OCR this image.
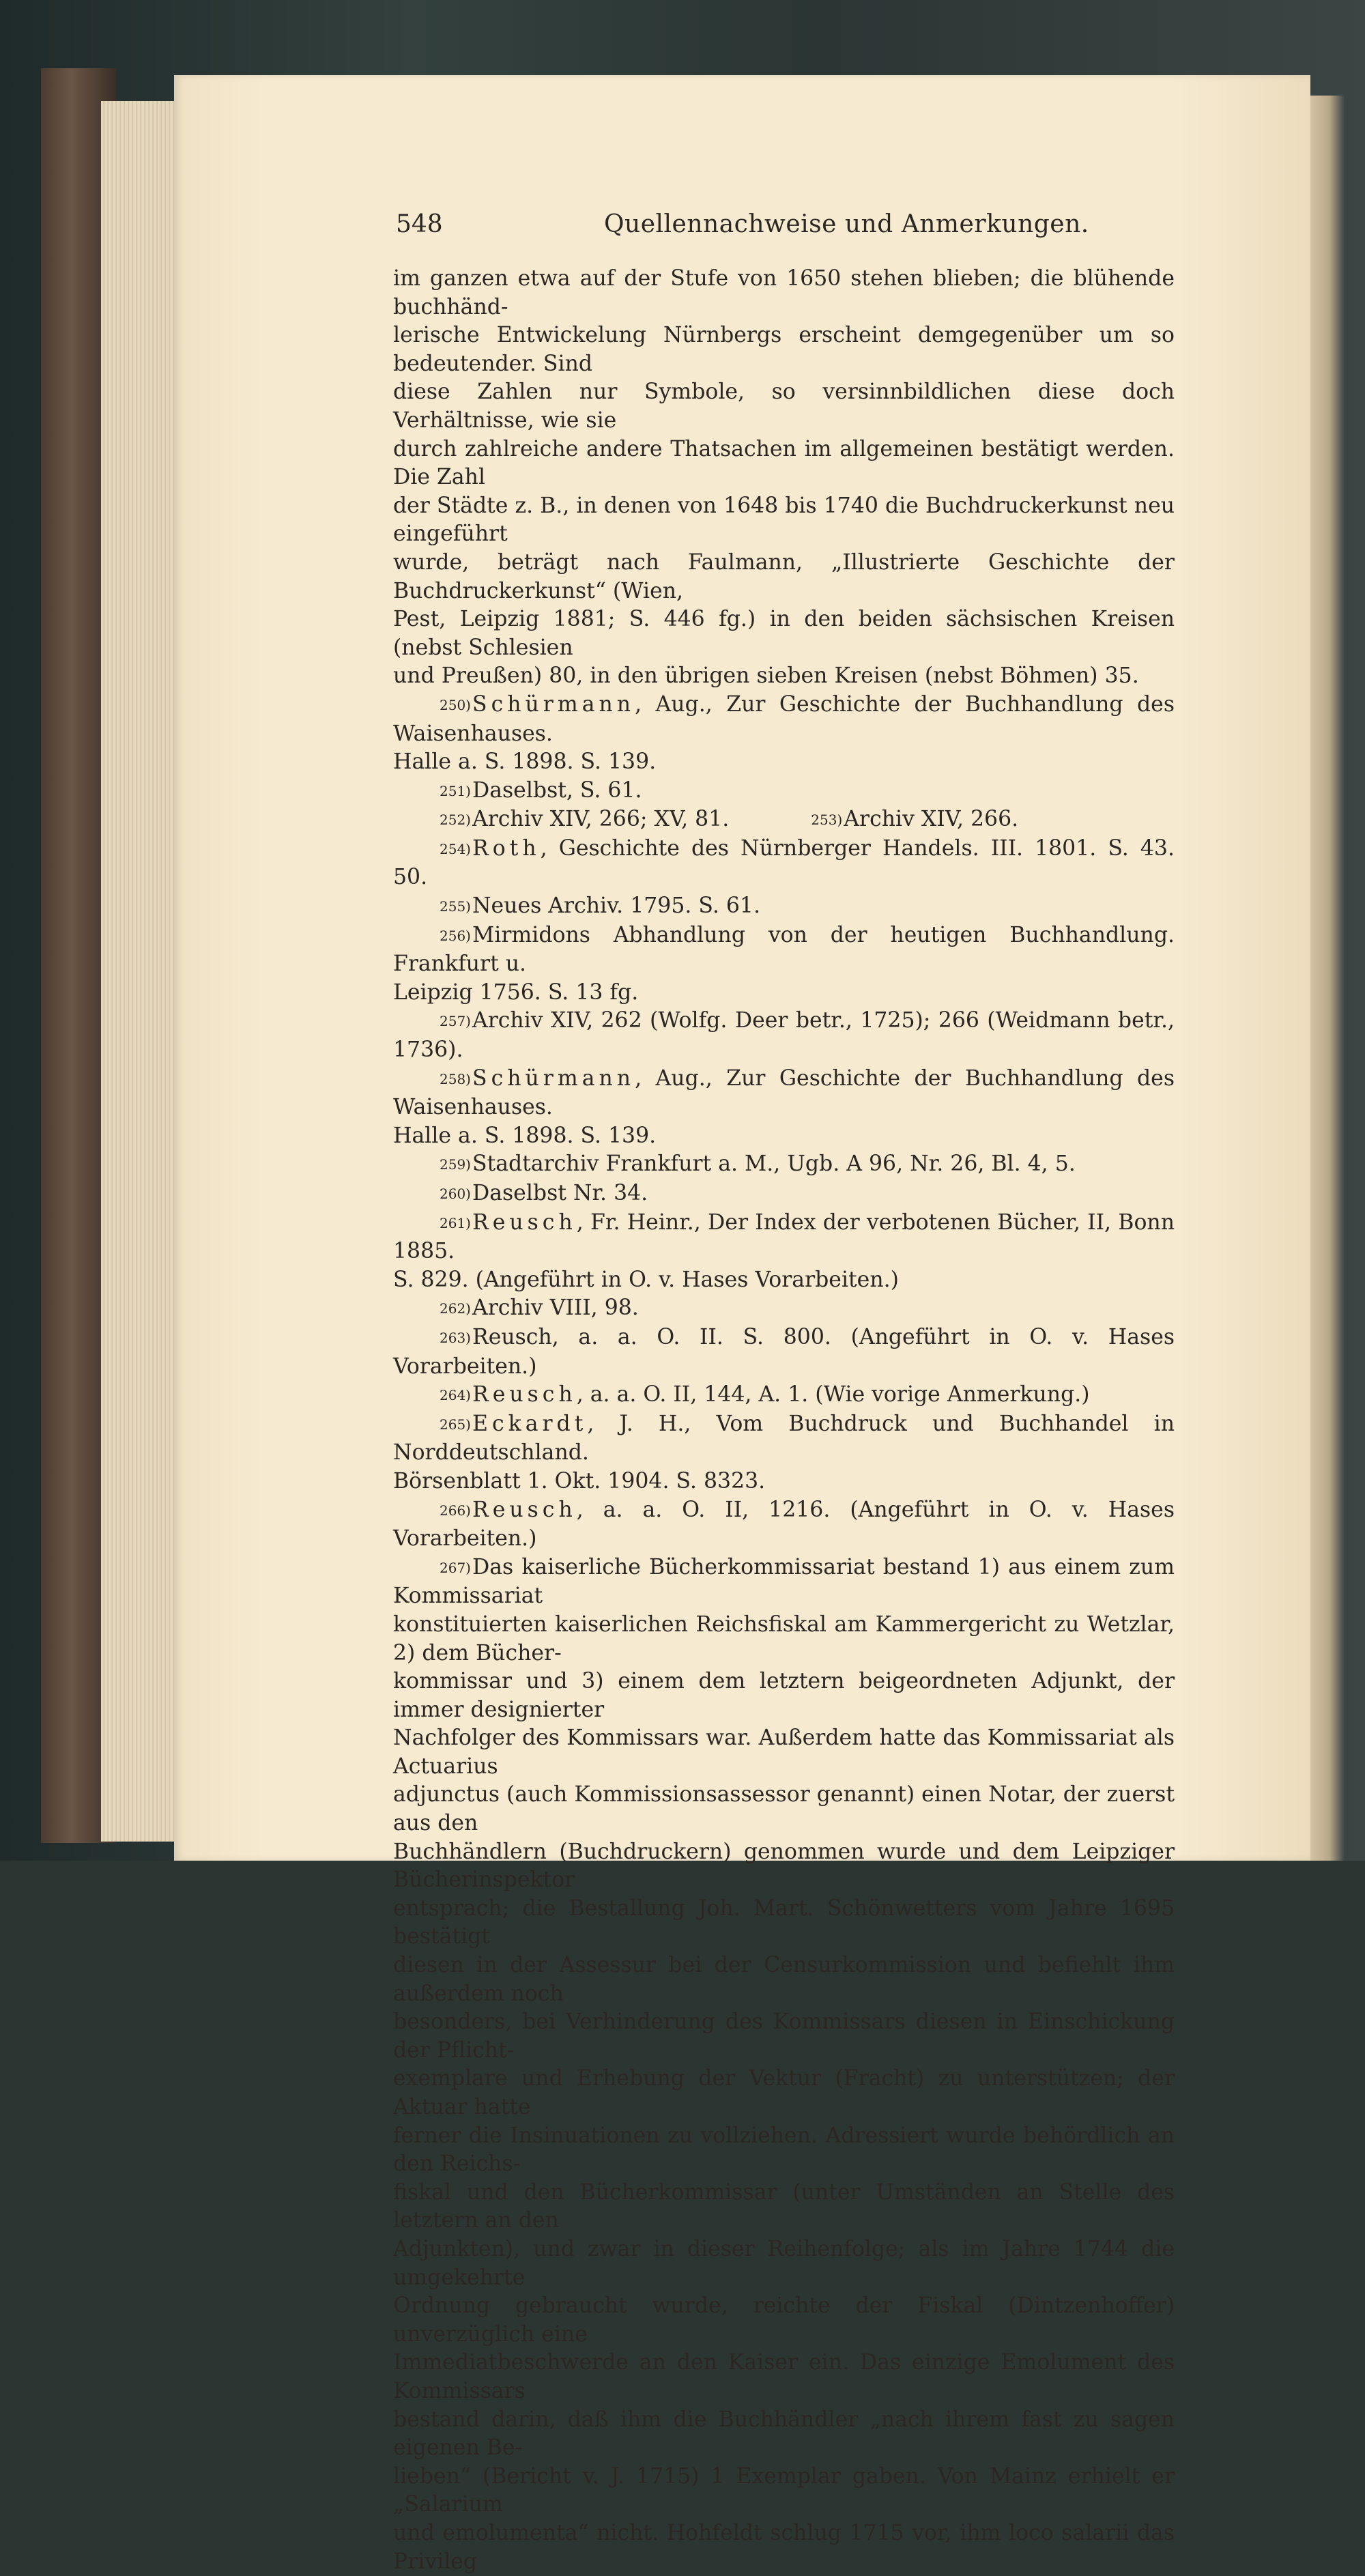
548	Quellennachweise und Anmerkungen.

im ganzen etwa auf der Stufe von 1650 stehen blieben; die blühende buchhänd-

lerische Entwickelung Nürnbergs erscheint demgegenüber um so bedeutender. Sind

diese Zahlen nur Symbole, so versinnbildlichen diese doch Verhältnisse, wie sie

durch zahlreiche andere Thatsachen im allgemeinen bestätigt werden. Die Zahl

der Städte z. B., in denen von 1648 bis 1740 die Buchdruckerkunst neu eingeführt

wurde, beträgt nach Faulmann, „Illustrierte Geschichte der Buchdruckerkunst“ (Wien,

Pest, Leipzig 1881; S. 446 fg.) in den beiden sächsischen Kreisen (nebst Schlesien

und Preußen) 80, in den übrigen sieben Kreisen (nebst Böhmen) 35.

$^{250)}$Schürmann, Aug., Zur Geschichte der Buchhandlung des Waisenhauses.

Halle a. S. 1898. S. 139.

$^{251)}$Daselbst, S. 61.

$^{252)}$Archiv XIV, 266; XV, 81.	$^{253)}$Archiv XIV, 266.

$^{254)}$Roth, Geschichte des Nürnberger Handels. III. 1801. S. 43. 50.

$^{255)}$Neues Archiv. 1795. S. 61.

$^{256)}$Mirmidons Abhandlung von der heutigen Buchhandlung. Frankfurt u.

Leipzig 1756. S. 13 fg.

$^{257)}$Archiv XIV, 262 (Wolfg. Deer betr., 1725); 266 (Weidmann betr., 1736).

$^{258)}$Schürmann, Aug., Zur Geschichte der Buchhandlung des Waisenhauses.

Halle a. S. 1898. S. 139.

$^{259)}$Stadtarchiv Frankfurt a. M., Ugb. A 96, Nr. 26, Bl. 4, 5.

$^{260)}$Daselbst Nr. 34.

$^{261)}$Reusch, Fr. Heinr., Der Index der verbotenen Bücher, II, Bonn 1885.

S. 829. (Angeführt in O. v. Hases Vorarbeiten.)

$^{262)}$Archiv VIII, 98.

$^{263)}$Reusch, a. a. O. II. S. 800. (Angeführt in O. v. Hases Vorarbeiten.)

$^{264)}$Reusch, a. a. O. II, 144, A. 1. (Wie vorige Anmerkung.)

$^{265)}$Eckardt, J. H., Vom Buchdruck und Buchhandel in Norddeutschland.

Börsenblatt 1. Okt. 1904. S. 8323.

$^{266)}$Reusch, a. a. O. II, 1216. (Angeführt in O. v. Hases Vorarbeiten.)

$^{267)}$Das kaiserliche Bücherkommissariat bestand 1) aus einem zum Kommissariat

konstituierten kaiserlichen Reichsfiskal am Kammergericht zu Wetzlar, 2) dem Bücher-

kommissar und 3) einem dem letztern beigeordneten Adjunkt, der immer designierter

Nachfolger des Kommissars war. Außerdem hatte das Kommissariat als Actuarius

adjunctus (auch Kommissionsassessor genannt) einen Notar, der zuerst aus den

Buchhändlern (Buchdruckern) genommen wurde und dem Leipziger Bücherinspektor

entsprach; die Bestallung Joh. Mart. Schönwetters vom Jahre 1695 bestätigt

diesen in der Assessur bei der Censurkommission und befiehlt ihm außerdem noch

besonders, bei Verhinderung des Kommissars diesen in Einschickung der Pflicht-

exemplare und Erhebung der Vektur (Fracht) zu unterstützen; der Aktuar hatte

ferner die Insinuationen zu vollziehen. Adressiert wurde behördlich an den Reichs-

fiskal und den Bücherkommissar (unter Umständen an Stelle des letztern an den

Adjunkten), und zwar in dieser Reihenfolge; als im Jahre 1744 die umgekehrte

Ordnung gebraucht wurde, reichte der Fiskal (Dintzenhoffer) unverzüglich eine

Immediatbeschwerde an den Kaiser ein. Das einzige Emolument des Kommissars

bestand darin, daß ihm die Buchhändler „nach ihrem fast zu sagen eigenen Be-

lieben“ (Bericht v. J. 1715) 1 Exemplar gaben. Von Mainz erhielt er „Salarium

und emolumenta“ nicht. Hohfeldt schlug 1715 vor, ihm loco salarii das Privileg
